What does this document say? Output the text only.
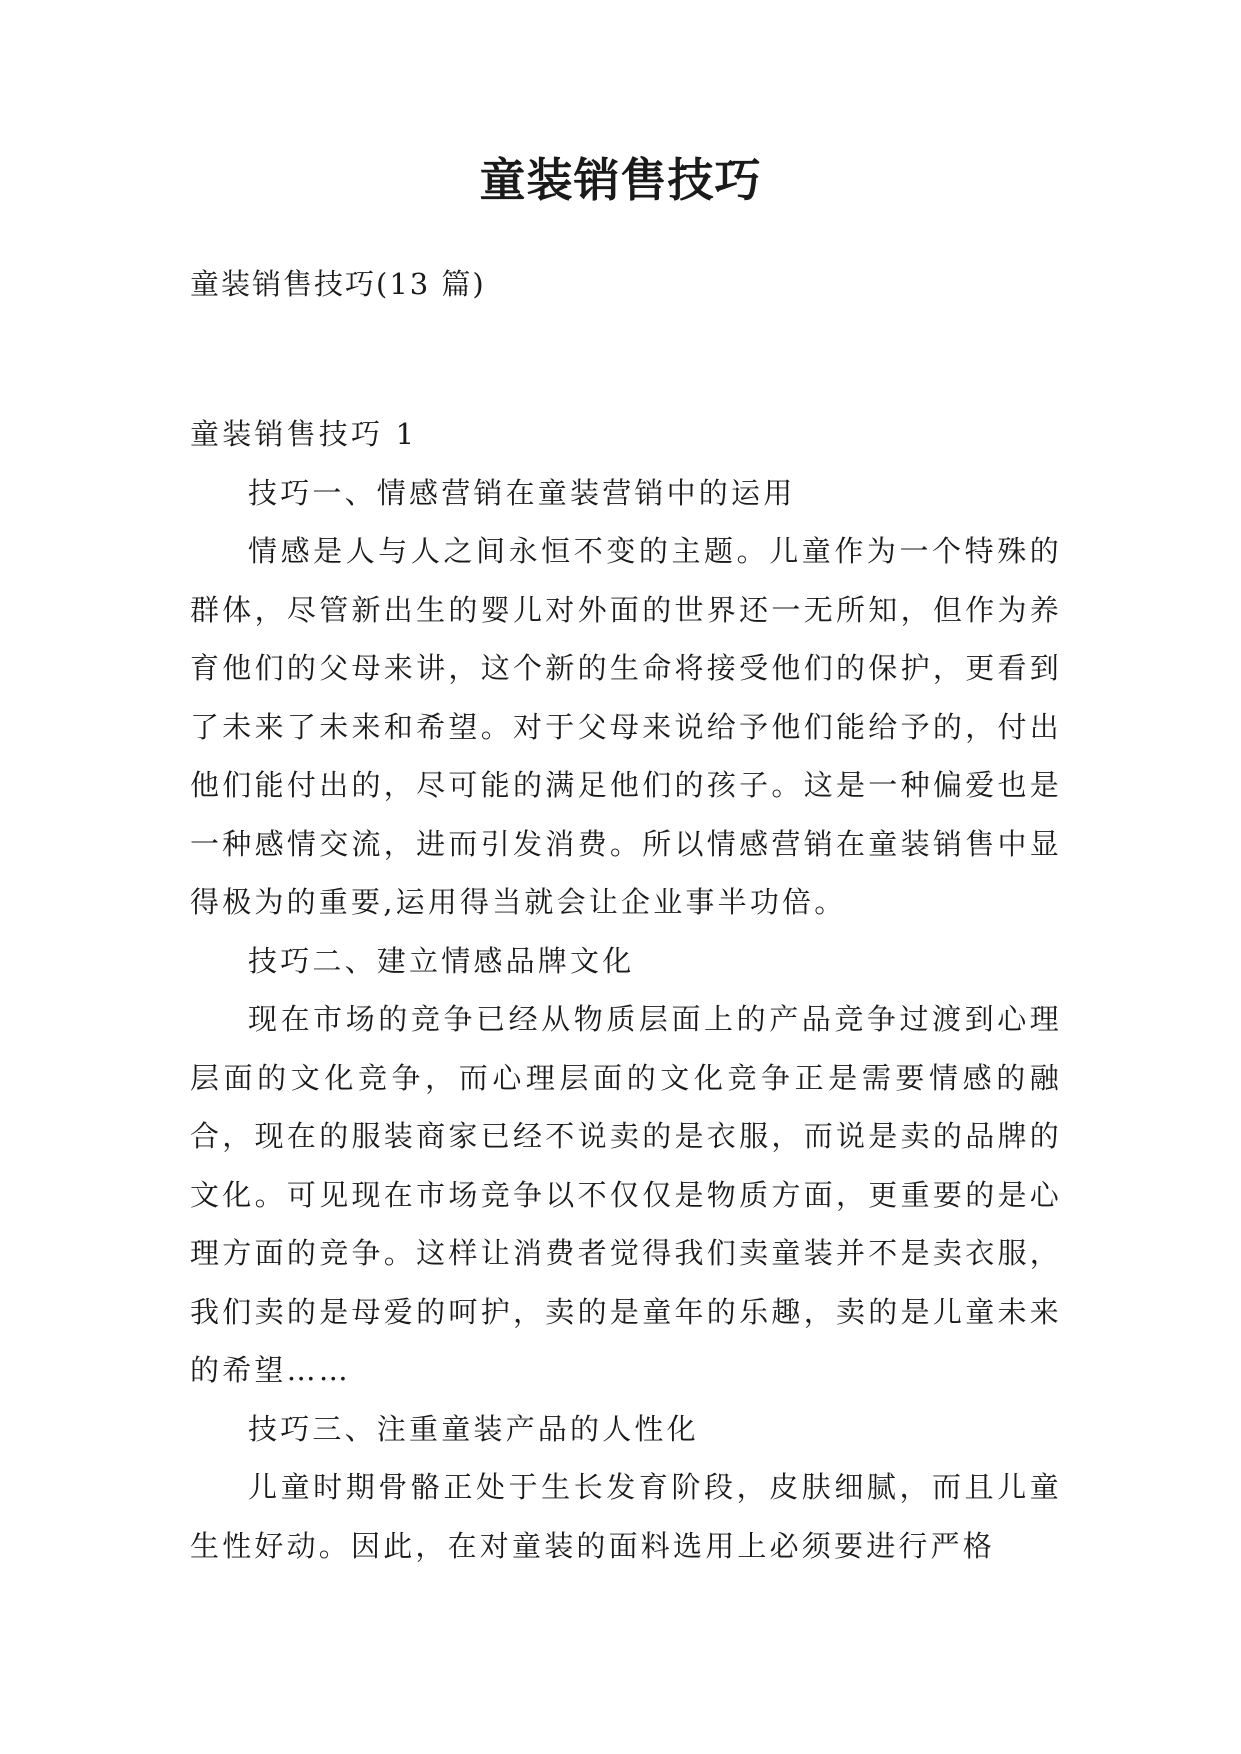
童装销售技巧
童装销售技巧(13 篇)

童装销售技巧 1

技巧一、情感营销在童装营销中的运用

情感是人与人之间永恒不变的主题。儿童作为一个特殊的群体，尽管新出生的婴儿对外面的世界还一无所知，但作为养育他们的父母来讲，这个新的生命将接受他们的保护，更看到了未来了未来和希望。对于父母来说给予他们能给予的，付出他们能付出的，尽可能的满足他们的孩子。这是一种偏爱也是一种感情交流，进而引发消费。所以情感营销在童装销售中显得极为的重要,运用得当就会让企业事半功倍。

技巧二、建立情感品牌文化

现在市场的竞争已经从物质层面上的产品竞争过渡到心理层面的文化竞争，而心理层面的文化竞争正是需要情感的融合，现在的服装商家已经不说卖的是衣服，而说是卖的品牌的文化。可见现在市场竞争以不仅仅是物质方面，更重要的是心理方面的竞争。这样让消费者觉得我们卖童装并不是卖衣服，我们卖的是母爱的呵护，卖的是童年的乐趣，卖的是儿童未来的希望……

技巧三、注重童装产品的人性化

儿童时期骨骼正处于生长发育阶段，皮肤细腻，而且儿童生性好动。因此，在对童装的面料选用上必须要进行严格
